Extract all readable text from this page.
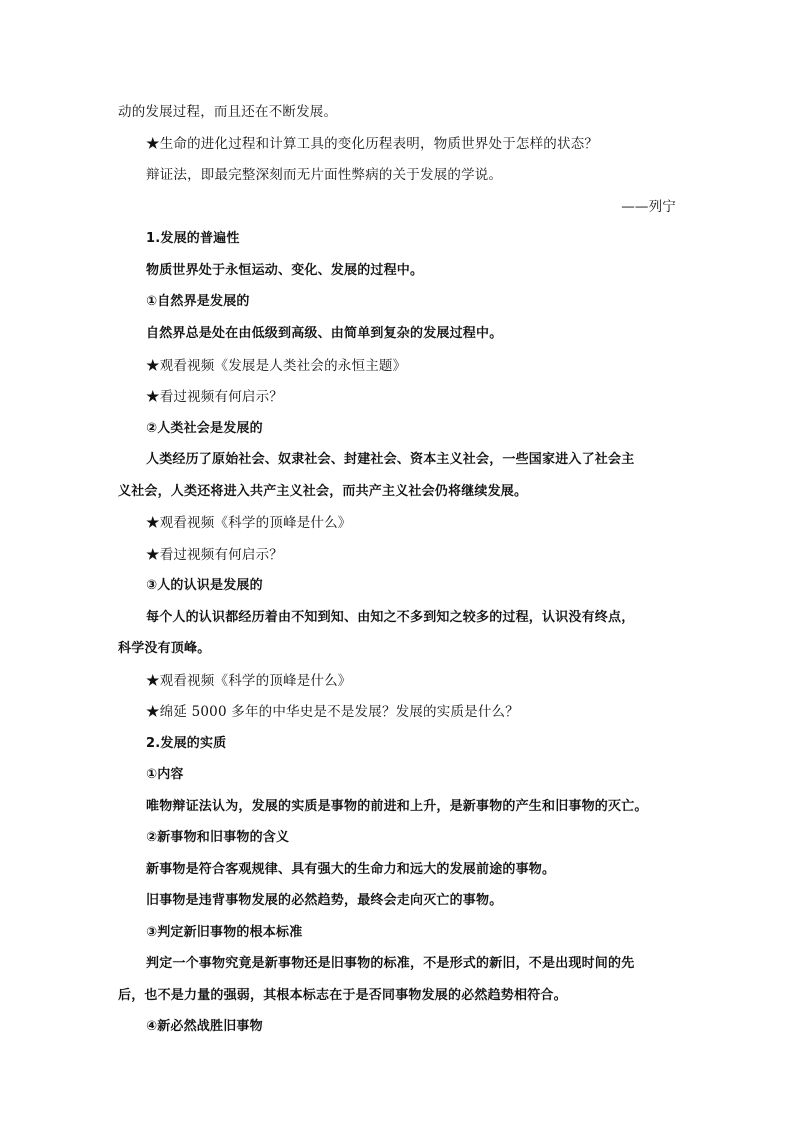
动的发展过程，而且还在不断发展。
★生命的进化过程和计算工具的变化历程表明，物质世界处于怎样的状态？
辩证法，即最完整深刻而无片面性弊病的关于发展的学说。
——列宁
1.发展的普遍性
物质世界处于永恒运动、变化、发展的过程中。
①自然界是发展的
自然界总是处在由低级到高级、由简单到复杂的发展过程中。
★观看视频《发展是人类社会的永恒主题》
★看过视频有何启示？
②人类社会是发展的
人类经历了原始社会、奴隶社会、封建社会、资本主义社会，一些国家进入了社会主
义社会，人类还将进入共产主义社会，而共产主义社会仍将继续发展。
★观看视频《科学的顶峰是什么》
★看过视频有何启示？
③人的认识是发展的
每个人的认识都经历着由不知到知、由知之不多到知之较多的过程，认识没有终点，
科学没有顶峰。
★观看视频《科学的顶峰是什么》
★绵延 5000 多年的中华史是不是发展？发展的实质是什么？
2.发展的实质
①内容
唯物辩证法认为，发展的实质是事物的前进和上升，是新事物的产生和旧事物的灭亡。
②新事物和旧事物的含义
新事物是符合客观规律、具有强大的生命力和远大的发展前途的事物。
旧事物是违背事物发展的必然趋势，最终会走向灭亡的事物。
③判定新旧事物的根本标准
判定一个事物究竟是新事物还是旧事物的标准，不是形式的新旧，不是出现时间的先
后，也不是力量的强弱，其根本标志在于是否同事物发展的必然趋势相符合。
④新必然战胜旧事物
